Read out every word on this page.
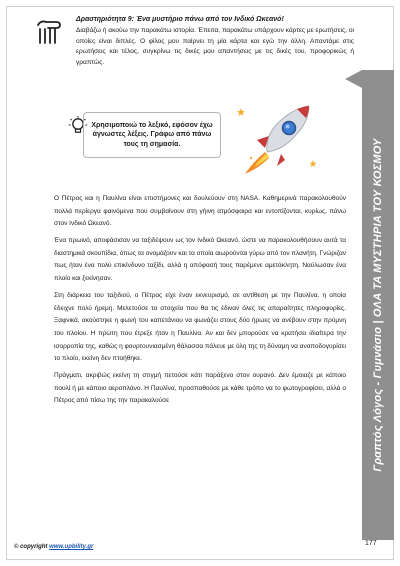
Δραστηριότητα 9: Ένα μυστήριο πάνω από τον Ινδικό Ωκεανό!
Διαβάζω ή ακούω την παρακάτω ιστορία. Έπειτα, παρακάτω υπάρχουν κάρτες με ερωτήσεις, οι οποίες είναι διπλές. Ο φίλος μου παίρνει τη μία κάρτα και εγώ την άλλη. Απαντάμε στις ερωτήσεις και τέλος, συγκρίνω τις δικές μου απαντήσεις με τις δικές του, προφορικώς ή γραπτώς.
Χρησιμοποιώ το λεξικό, εφόσον έχω άγνωστες λέξεις. Γράφω από πάνω τους τη σημασία.

Ο Πέτρος και η Παυλίνα είναι επιστήμονες και δουλεύουν στη NASA. Καθημερινά παρακολουθούν πολλά περίεργα φαινόμενα που συμβαίνουν στη γήινη ατμόσφαιρα και εντοπίζονται, κυρίως, πάνω στον Ινδικό Ωκεανό.

Ένα πρωινό, αποφάσισαν να ταξιδέψουν ως τον Ινδικό Ωκεανό, ώστε να παρακολουθήσουν αυτά τα διαστημικά σκουπίδια, όπως τα ονομάζουν και τα οποία αιωρούνται γύρω από τον πλανήτη. Γνώριζαν πως ήταν ένα πολύ επικίνδυνο ταξίδι, αλλά η απόφασή τους παρέμενε αμετάκλητη. Ναύλωσαν ένα πλοίο και ξεκίνησαν.

Στη διάρκεια του ταξιδιού, ο Πέτρος είχε έναν εκνευρισμό, σε αντίθεση με την Παυλίνα, η οποία έδειχνε πολύ ήρεμη. Μελετούσε τα στοιχεία που θα τις έδιναν όλες τις απαραίτητες πληροφορίες. Ξαφνικά, ακούστηκε η φωνή του καπετάνιου να φωνάζει στους δύο ήρωες να ανέβουν στην πρύμνη του πλοίου. Η πρώτη που έτρεξε ήταν η Παυλίνα. Αν και δεν μπορούσε να κρατήσει ιδιαίτερα την ισορροπία της, καθώς η φουρτουνιασμένη θάλασσα πάλευε με όλη της τη δύναμη να αναποδογυρίσει το πλοίο, εκείνη δεν πτοήθηκε.

Πράγματι, ακριβώς εκείνη τη στιγμή πετούσε κάτι παράξενο στον ουρανό. Δεν έμοιαζε με κάποιο πουλί ή με κάποιο αεροπλάνο. Η Παυλίνα, προσπαθούσε με κάθε τρόπο να το φωτογραφίσει, αλλά ο Πέτρος από πίσω της την παρακαλούσε	Γραπτός Λόγος - Γυμνάσιο | ΟΛΑ ΤΑ ΜΥΣΤΗΡΙΑ ΤΟΥ ΚΟΣΜΟΥ
© copyright www.upbility.gr	177
